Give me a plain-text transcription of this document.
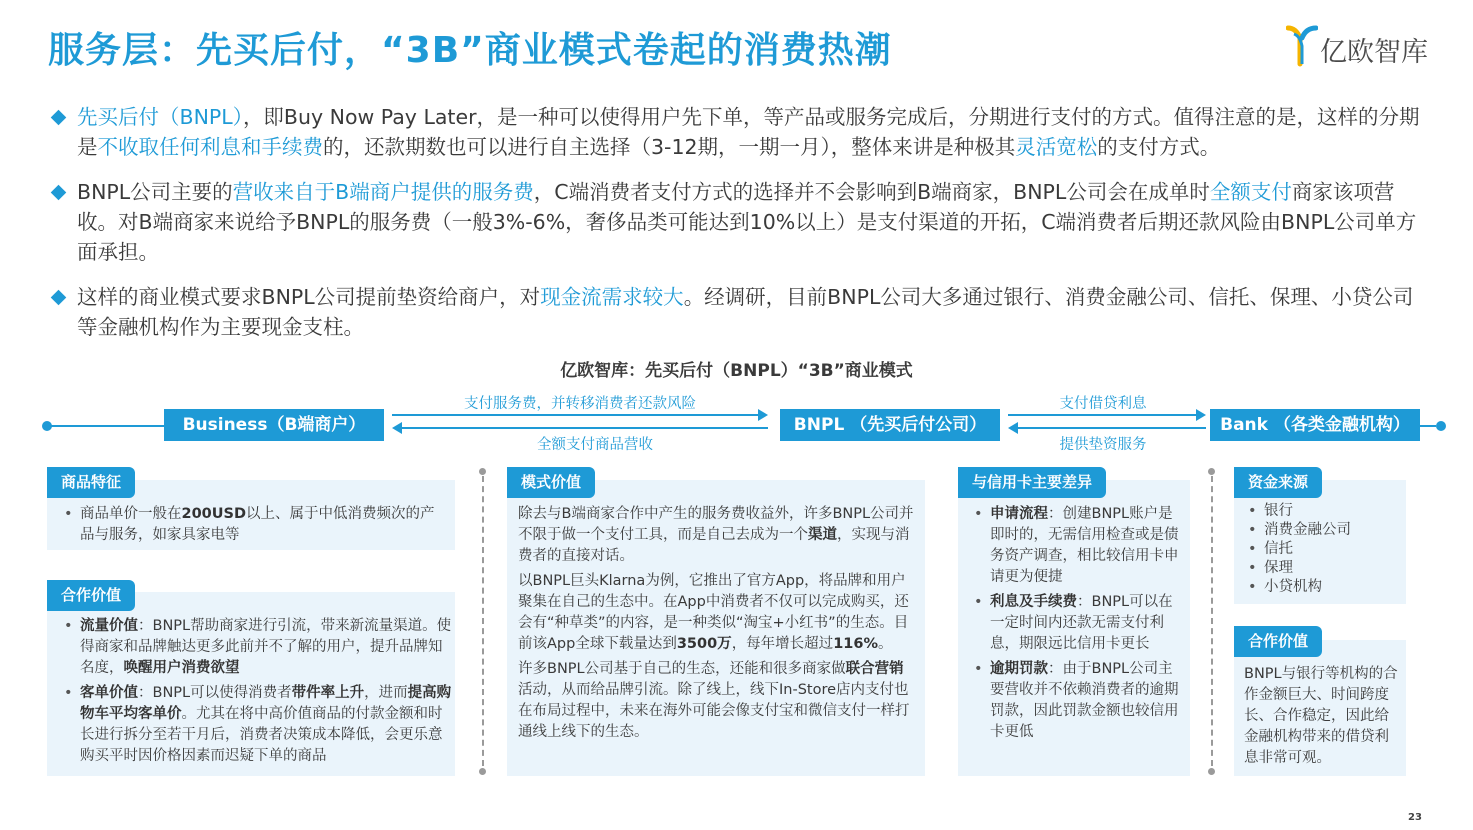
服务层：先买后付，“3B”商业模式卷起的消费热潮	亿欧智库
先买后付（BNPL），即Buy Now Pay Later，是一种可以使得用户先下单，等产品或服务完成后，分期进行支付的方式。值得注意的是，这样的分期是不收取任何利息和手续费的，还款期数也可以进行自主选择（3-12期，一期一月），整体来讲是种极其灵活宽松的支付方式。
BNPL公司主要的营收来自于B端商户提供的服务费，C端消费者支付方式的选择并不会影响到B端商家，BNPL公司会在成单时全额支付商家该项营收。对B端商家来说给予BNPL的服务费（一般3%-6%，奢侈品类可能达到10%以上）是支付渠道的开拓，C端消费者后期还款风险由BNPL公司单方面承担。
这样的商业模式要求BNPL公司提前垫资给商户，对现金流需求较大。经调研，目前BNPL公司大多通过银行、消费金融公司、信托、保理、小贷公司等金融机构作为主要现金支柱。
亿欧智库：先买后付（BNPL）“3B”商业模式
Business（B端商户）	BNPL （先买后付公司）	Bank （各类金融机构）
支付服务费，并转移消费者还款风险
全额支付商品营收
支付借贷利息
提供垫资服务
商品特征
• 商品单价一般在200USD以上、属于中低消费频次的产品与服务，如家具家电等
合作价值
• 流量价值：BNPL帮助商家进行引流，带来新流量渠道。使得商家和品牌触达更多此前并不了解的用户，提升品牌知名度，唤醒用户消费欲望
• 客单价值：BNPL可以使得消费者带件率上升，进而提高购物车平均客单价。尤其在将中高价值商品的付款金额和时长进行拆分至若干月后，消费者决策成本降低，会更乐意购买平时因价格因素而迟疑下单的商品
模式价值

除去与B端商家合作中产生的服务费收益外，许多BNPL公司并不限于做一个支付工具，而是自己去成为一个渠道，实现与消费者的直接对话。

以BNPL巨头Klarna为例，它推出了官方App，将品牌和用户聚集在自己的生态中。在App中消费者不仅可以完成购买，还会有“种草类”的内容，是一种类似“淘宝+小红书”的生态。目前该App全球下载量达到3500万，每年增长超过116%。

许多BNPL公司基于自己的生态，还能和很多商家做联合营销活动，从而给品牌引流。除了线上，线下In-Store店内支付也在布局过程中，未来在海外可能会像支付宝和微信支付一样打通线上线下的生态。

与信用卡主要差异
• 申请流程：创建BNPL账户是即时的，无需信用检查或是债务资产调查，相比较信用卡申请更为便捷
• 利息及手续费：BNPL可以在一定时间内还款无需支付利息，期限远比信用卡更长
• 逾期罚款：由于BNPL公司主要营收并不依赖消费者的逾期罚款，因此罚款金额也较信用卡更低
资金来源
• 银行
• 消费金融公司
• 信托
• 保理
• 小贷机构
合作价值
BNPL与银行等机构的合作金额巨大、时间跨度长、合作稳定，因此给金融机构带来的借贷利息非常可观。
23
